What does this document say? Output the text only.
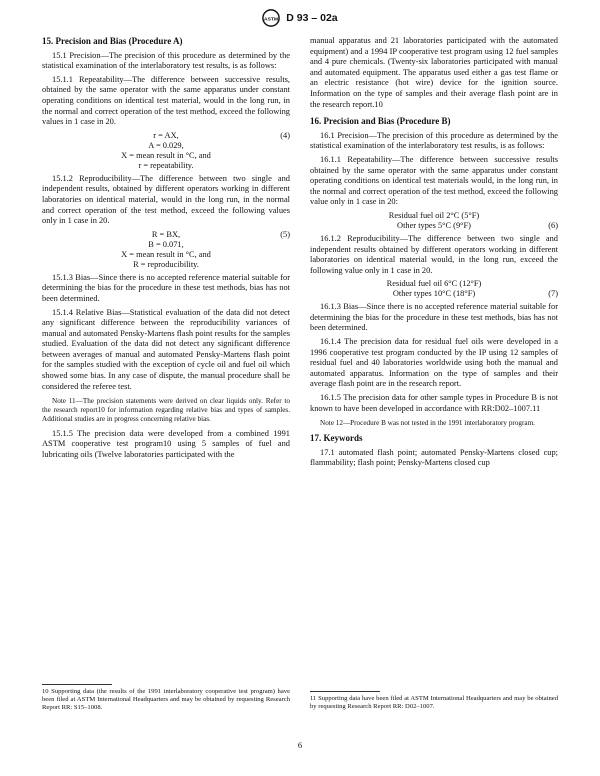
ASTM D 93 – 02a
15. Precision and Bias (Procedure A)

15.1 Precision—The precision of this procedure as determined by the statistical examination of the interlaboratory test results, is as follows:

15.1.1 Repeatability—The difference between successive results, obtained by the same operator with the same apparatus under constant operating conditions on identical test material, would in the long run, in the normal and correct operation of the test method, exceed the following values in 1 case in 20.

r = AX,
A = 0.029,
X = mean result in °C, and
r = repeatability.
(4)

15.1.2 Reproducibility—The difference between two single and independent results, obtained by different operators working in different laboratories on identical material, would in the long run, in the normal and correct operation of the test method, exceed the following values only in 1 case in 20.

R = BX,
B = 0.071,
X = mean result in °C, and
R = reproducibility.
(5)

15.1.3 Bias—Since there is no accepted reference material suitable for determining the bias for the procedure in these test methods, bias has not been determined.

15.1.4 Relative Bias—Statistical evaluation of the data did not detect any significant difference between the reproducibility variances of manual and automated Pensky-Martens flash point results for the samples studied. Evaluation of the data did not detect any significant difference between averages of manual and automated Pensky-Martens flash point for the samples studied with the exception of cycle oil and fuel oil which showed some bias. In any case of dispute, the manual procedure shall be considered the referee test.

Note 11—The precision statements were derived on clear liquids only. Refer to the research report10 for information regarding relative bias and types of samples. Additional studies are in progress concerning relative bias.

15.1.5 The precision data were developed from a combined 1991 ASTM cooperative test program10 using 5 samples of fuel and lubricating oils (Twelve laboratories participated with the

10 Supporting data (the results of the 1991 interlaboratory cooperative test program) have been filed at ASTM International Headquarters and may be obtained by requesting Research Report RR: S15–1008.

manual apparatus and 21 laboratories participated with the automated equipment) and a 1994 IP cooperative test program using 12 fuel samples and 4 pure chemicals. (Twenty-six laboratories participated with manual and automated equipment. The apparatus used either a gas test flame or an electric resistance (hot wire) device for the ignition source. Information on the type of samples and their average flash point are in the research report.10

16. Precision and Bias (Procedure B)

16.1 Precision—The precision of this procedure as determined by the statistical examination of the interlaboratory test results, is as follows:

16.1.1 Repeatability—The difference between successive results obtained by the same operator with the same apparatus under constant operating conditions on identical test materials would, in the long run, in the normal and correct operation of the test method, exceed the following value only in 1 case in 20:

Residual fuel oil 2°C (5°F)
Other types 5°C (9°F)	(6)

16.1.2 Reproducibility—The difference between two single and independent results obtained by different operators working in different laboratories on identical material would, in the long run, exceed the following value only in 1 case in 20.

Residual fuel oil 6°C (12°F)
Other types 10°C (18°F)	(7)

16.1.3 Bias—Since there is no accepted reference material suitable for determining the bias for the procedure in these test methods, bias has not been determined.

16.1.4 The precision data for residual fuel oils were developed in a 1996 cooperative test program conducted by the IP using 12 samples of residual fuel and 40 laboratories worldwide using both the manual and automated apparatus. Information on the type of samples and their average flash point are in the research report.

16.1.5 The precision data for other sample types in Procedure B is not known to have been developed in accordance with RR:D02–1007.11

Note 12—Procedure B was not tested in the 1991 interlaboratory program.

17. Keywords

17.1 automated flash point; automated Pensky-Martens closed cup; flammability; flash point; Pensky-Martens closed cup

11 Supporting data have been filed at ASTM International Headquarters and may be obtained by requesting Research Report RR: D02–1007.
6
